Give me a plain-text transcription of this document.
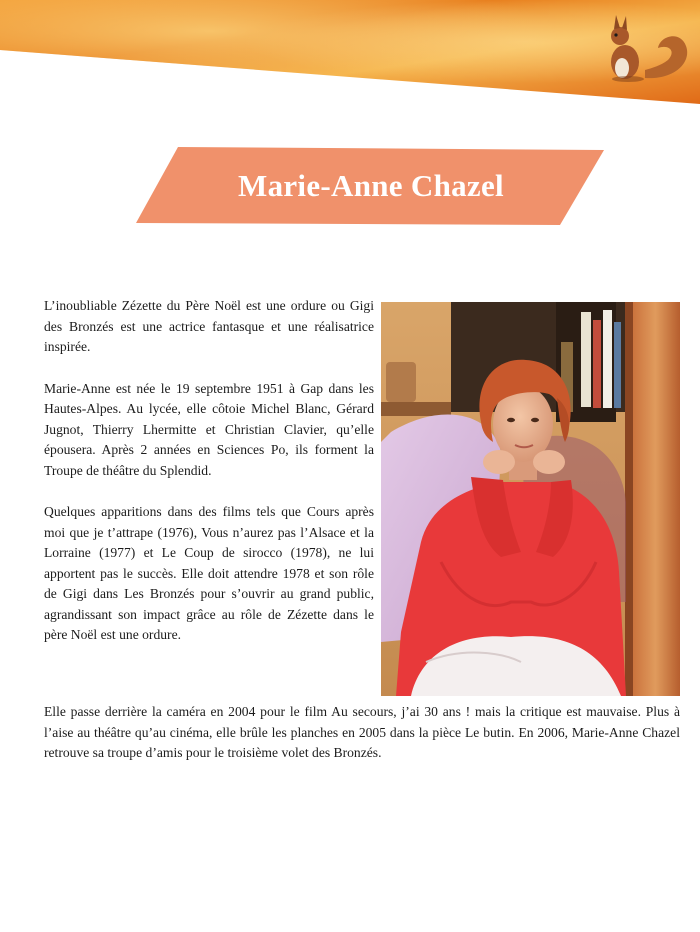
Marie-Anne Chazel

L’inoubliable Zézette du Père Noël est une ordure ou Gigi des Bronzés est une actrice fantasque et une réalisatrice inspirée.

Marie-Anne est née le 19 septembre 1951 à Gap dans les Hautes-Alpes. Au lycée, elle côtoie Michel Blanc, Gérard Jugnot, Thierry Lhermitte et Christian Clavier, qu’elle épousera. Après 2 années en Sciences Po, ils forment la Troupe de théâtre du Splendid.

Quelques apparitions dans des films tels que Cours après moi que je t’attrape (1976), Vous n’aurez pas l’Alsace et la Lorraine (1977) et Le Coup de sirocco (1978), ne lui apportent pas le succès. Elle doit attendre 1978 et son rôle de Gigi dans Les Bronzés pour s’ouvrir au grand public, agrandissant son impact grâce au rôle de Zézette dans le père Noël est une ordure.

Elle passe derrière la caméra en 2004 pour le film Au secours, j’ai 30 ans ! mais la critique est mauvaise. Plus à l’aise au théâtre qu’au cinéma, elle brûle les planches en 2005 dans la pièce Le butin. En 2006, Marie-Anne Chazel retrouve sa troupe d’amis pour le troisième volet des Bronzés.
